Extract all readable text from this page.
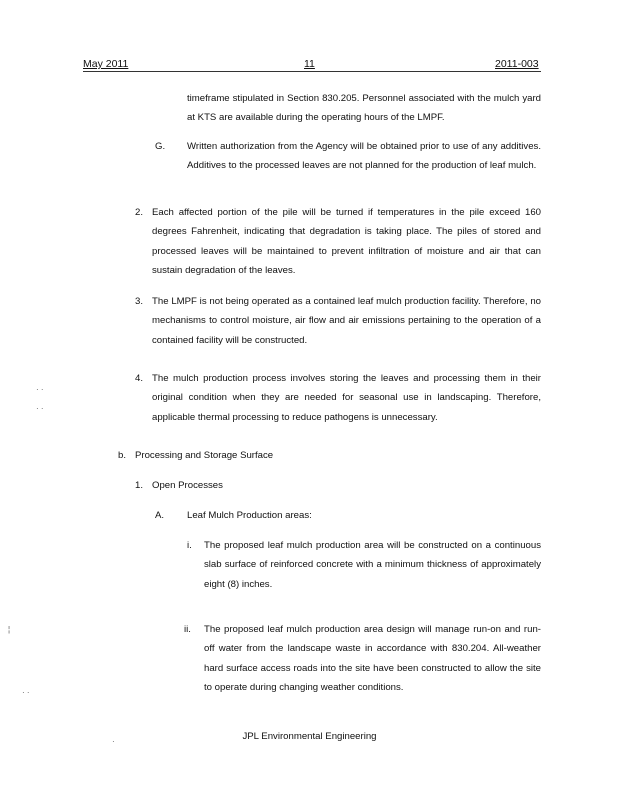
May 2011	11	2011-003

timeframe stipulated in Section 830.205. Personnel associated with the mulch yard at KTS are available during the operating hours of the LMPF.

G. Written authorization from the Agency will be obtained prior to use of any additives. Additives to the processed leaves are not planned for the production of leaf mulch.

2. Each affected portion of the pile will be turned if temperatures in the pile exceed 160 degrees Fahrenheit, indicating that degradation is taking place. The piles of stored and processed leaves will be maintained to prevent infiltration of moisture and air that can sustain degradation of the leaves.

3. The LMPF is not being operated as a contained leaf mulch production facility. Therefore, no mechanisms to control moisture, air flow and air emissions pertaining to the operation of a contained facility will be constructed.

4. The mulch production process involves storing the leaves and processing them in their original condition when they are needed for seasonal use in landscaping. Therefore, applicable thermal processing to reduce pathogens is unnecessary.

b. Processing and Storage Surface
1. Open Processes
A. Leaf Mulch Production areas:
i. The proposed leaf mulch production area will be constructed on a continuous slab surface of reinforced concrete with a minimum thickness of approximately eight (8) inches.

ii. The proposed leaf mulch production area design will manage run-on and run-off water from the landscape waste in accordance with 830.204. All-weather hard surface access roads into the site have been constructed to allow the site to operate during changing weather conditions.

JPL Environmental Engineering
· ·
· ·
¦
· ·
·
